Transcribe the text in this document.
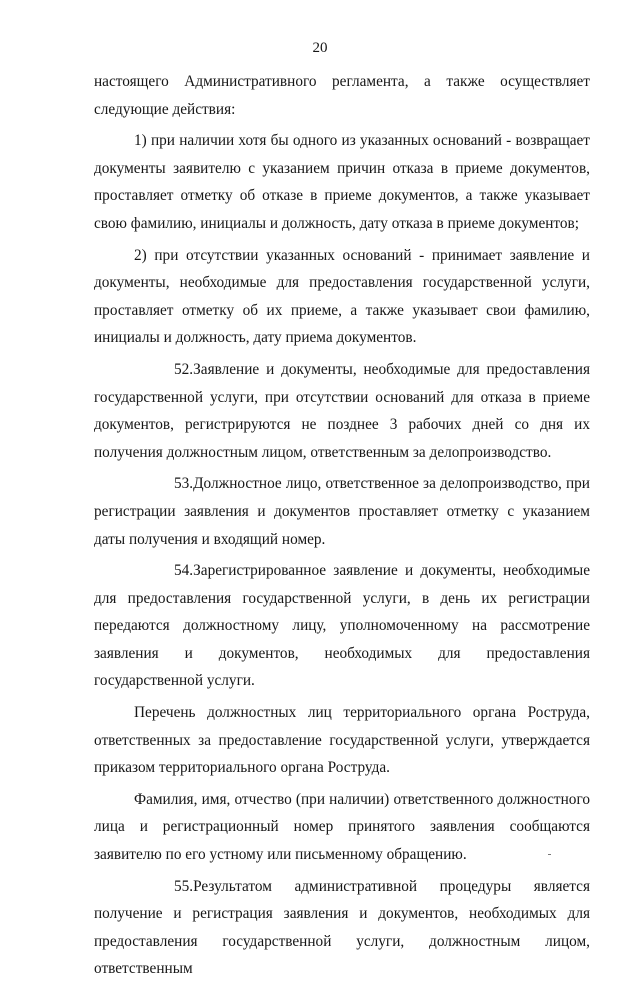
20

настоящего Административного регламента, а также осуществляет следующие действия:

1) при наличии хотя бы одного из указанных оснований - возвращает документы заявителю с указанием причин отказа в приеме документов, проставляет отметку об отказе в приеме документов, а также указывает свою фамилию, инициалы и должность, дату отказа в приеме документов;

2) при отсутствии указанных оснований - принимает заявление и документы, необходимые для предоставления государственной услуги, проставляет отметку об их приеме, а также указывает свои фамилию, инициалы и должность, дату приема документов.

52.Заявление и документы, необходимые для предоставления государственной услуги, при отсутствии оснований для отказа в приеме документов, регистрируются не позднее 3 рабочих дней со дня их получения должностным лицом, ответственным за делопроизводство.

53.Должностное лицо, ответственное за делопроизводство, при регистрации заявления и документов проставляет отметку с указанием даты получения и входящий номер.

54.Зарегистрированное заявление и документы, необходимые для предоставления государственной услуги, в день их регистрации передаются должностному лицу, уполномоченному на рассмотрение заявления и документов, необходимых для предоставления государственной услуги.

Перечень должностных лиц территориального органа Роструда, ответственных за предоставление государственной услуги, утверждается приказом территориального органа Роструда.

Фамилия, имя, отчество (при наличии) ответственного должностного лица и регистрационный номер принятого заявления сообщаются заявителю по его устному или письменному обращению.

55.Результатом административной процедуры является получение и регистрация заявления и документов, необходимых для предоставления государственной услуги, должностным лицом, ответственным
